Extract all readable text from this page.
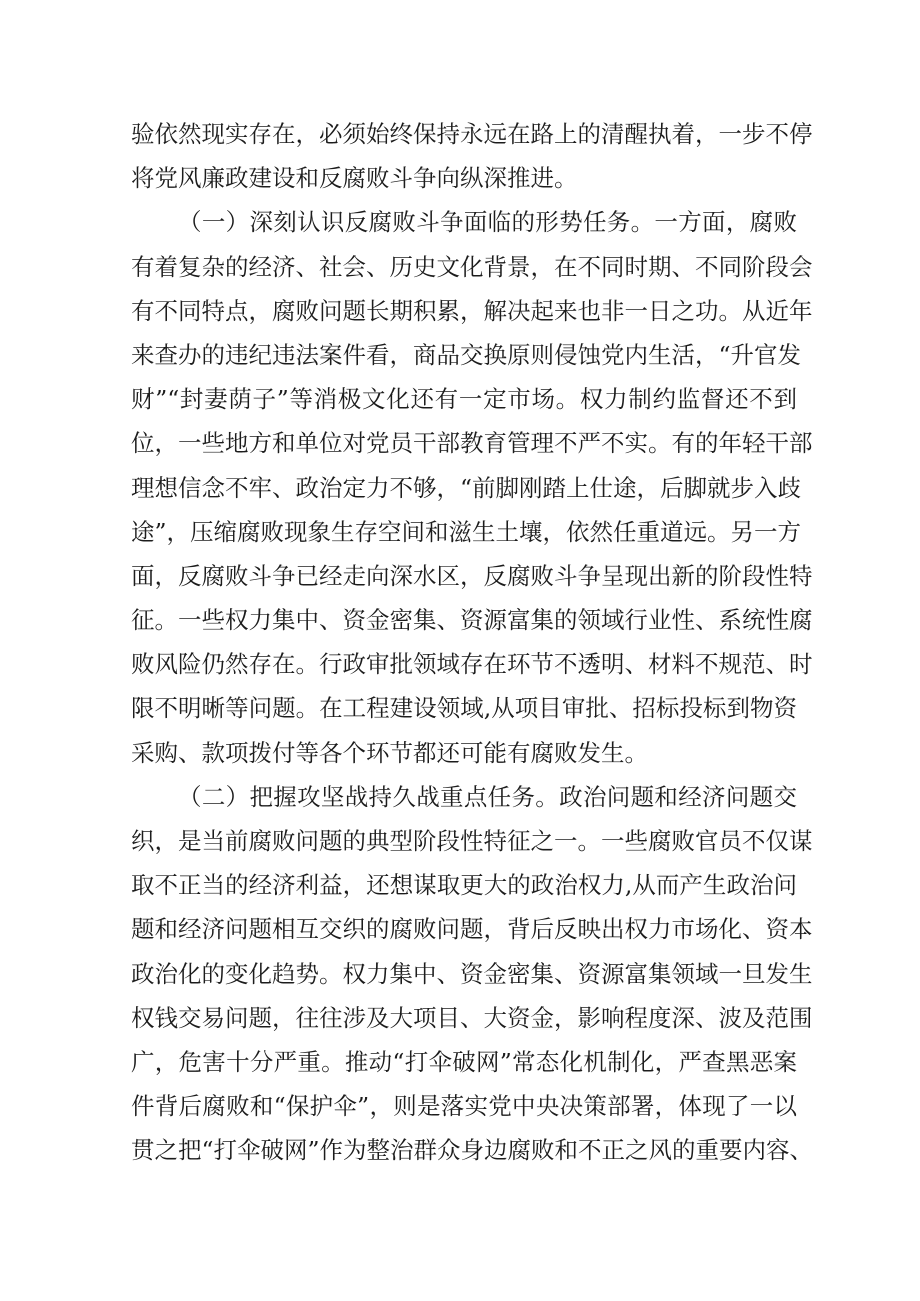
验依然现实存在，必须始终保持永远在路上的清醒执着，一步不停
将党风廉政建设和反腐败斗争向纵深推进。
（一）深刻认识反腐败斗争面临的形势任务。一方面，腐败
有着复杂的经济、社会、历史文化背景，在不同时期、不同阶段会
有不同特点，腐败问题长期积累，解决起来也非一日之功。从近年
来查办的违纪违法案件看，商品交换原则侵蚀党内生活，“升官发
财”“封妻荫子”等消极文化还有一定市场。权力制约监督还不到
位，一些地方和单位对党员干部教育管理不严不实。有的年轻干部
理想信念不牢、政治定力不够，“前脚刚踏上仕途，后脚就步入歧
途”，压缩腐败现象生存空间和滋生土壤，依然任重道远。另一方
面，反腐败斗争已经走向深水区，反腐败斗争呈现出新的阶段性特
征。一些权力集中、资金密集、资源富集的领域行业性、系统性腐
败风险仍然存在。行政审批领域存在环节不透明、材料不规范、时
限不明晰等问题。在工程建设领域,从项目审批、招标投标到物资
采购、款项拨付等各个环节都还可能有腐败发生。
（二）把握攻坚战持久战重点任务。政治问题和经济问题交
织，是当前腐败问题的典型阶段性特征之一。一些腐败官员不仅谋
取不正当的经济利益，还想谋取更大的政治权力,从而产生政治问
题和经济问题相互交织的腐败问题，背后反映出权力市场化、资本
政治化的变化趋势。权力集中、资金密集、资源富集领域一旦发生
权钱交易问题，往往涉及大项目、大资金，影响程度深、波及范围
广，危害十分严重。推动“打伞破网”常态化机制化，严查黑恶案
件背后腐败和“保护伞”，则是落实党中央决策部署，体现了一以
贯之把“打伞破网”作为整治群众身边腐败和不正之风的重要内容、
